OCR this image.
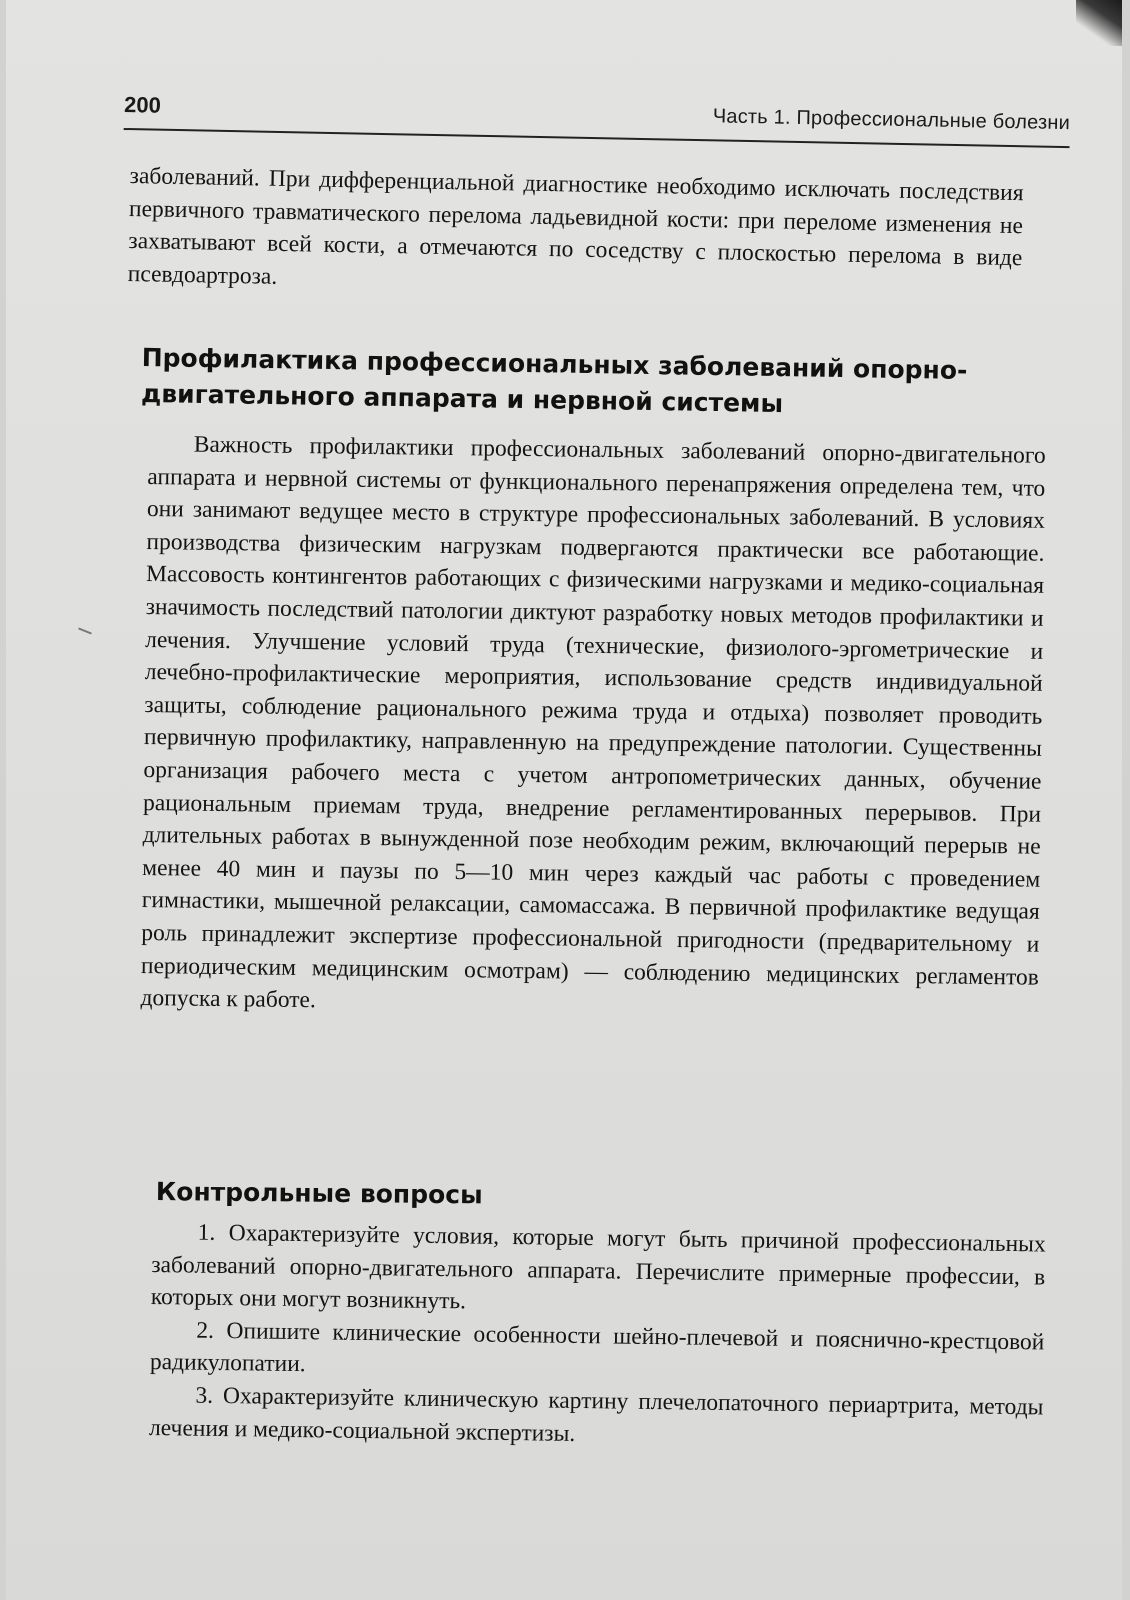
200
Часть 1. Профессиональные болезни

заболеваний. При дифференциальной диагностике необходимо исключать последствия первичного травматического перелома ладьевидной кости: при переломе изменения не захватывают всей кости, а отмечаются по соседству с плоскостью перелома в виде псевдоартроза.

Профилактика профессиональных заболеваний опорно-двигательного аппарата и нервной системы

Важность профилактики профессиональных заболеваний опорно-двигательного аппарата и нервной системы от функционального перенапряжения определена тем, что они занимают ведущее место в структуре профессиональных заболеваний. В условиях производства физическим нагрузкам подвергаются практически все работающие. Массовость контингентов работающих с физическими нагрузками и медико-социальная значимость последствий патологии диктуют разработку новых методов профилактики и лечения. Улучшение условий труда (технические, физиолого-эргометрические и лечебно-профилактические мероприятия, использование средств индивидуальной защиты, соблюдение рационального режима труда и отдыха) позволяет проводить первичную профилактику, направленную на предупреждение патологии. Существенны организация рабочего места с учетом антропометрических данных, обучение рациональным приемам труда, внедрение регламентированных перерывов. При длительных работах в вынужденной позе необходим режим, включающий перерыв не менее 40 мин и паузы по 5—10 мин через каждый час работы с проведением гимнастики, мышечной релаксации, самомассажа. В первичной профилактике ведущая роль принадлежит экспертизе профессиональной пригодности (предварительному и периодическим медицинским осмотрам) — соблюдению медицинских регламентов допуска к работе.

Контрольные вопросы

1. Охарактеризуйте условия, которые могут быть причиной профессиональных заболеваний опорно-двигательного аппарата. Перечислите примерные профессии, в которых они могут возникнуть.

2. Опишите клинические особенности шейно-плечевой и пояснично-крестцовой радикулопатии.

3. Охарактеризуйте клиническую картину плечелопаточного периартрита, методы лечения и медико-социальной экспертизы.
